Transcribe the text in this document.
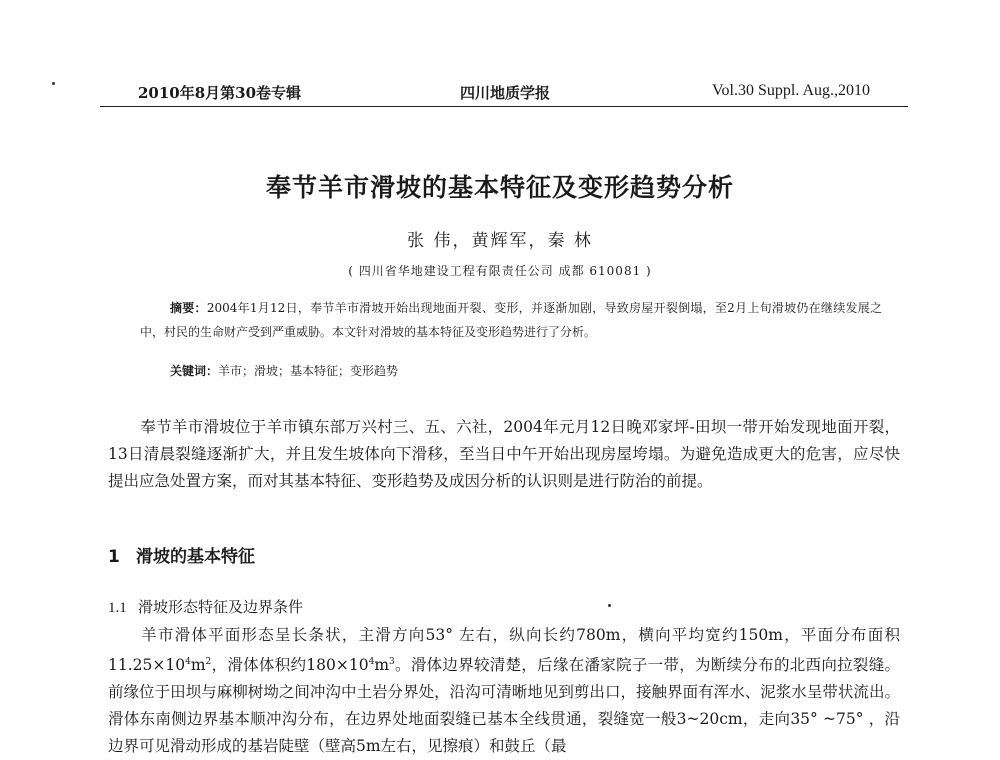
2010年8月第30卷专辑	四川地质学报	Vol.30 Suppl. Aug.,2010
奉节羊市滑坡的基本特征及变形趋势分析
张 伟，黄辉军，秦 林
( 四川省华地建设工程有限责任公司 成都 610081 )
摘要：2004年1月12日，奉节羊市滑坡开始出现地面开裂、变形，并逐渐加剧，导致房屋开裂倒塌，至2月上旬滑坡仍在继续发展之中，村民的生命财产受到严重威胁。本文针对滑坡的基本特征及变形趋势进行了分析。
关键词：羊市；滑坡；基本特征；变形趋势
奉节羊市滑坡位于羊市镇东部万兴村三、五、六社，2004年元月12日晚邓家坪-田坝一带开始发现地面开裂，13日清晨裂缝逐渐扩大，并且发生坡体向下滑移，至当日中午开始出现房屋垮塌。为避免造成更大的危害，应尽快提出应急处置方案，而对其基本特征、变形趋势及成因分析的认识则是进行防治的前提。
1 滑坡的基本特征
1.1 滑坡形态特征及边界条件
羊市滑体平面形态呈长条状，主滑方向53° 左右，纵向长约780m，横向平均宽约150m，平面分布面积$11.25\times 10^4m^2$，滑体体积约$180\times 10^4m^3$。滑体边界较清楚，后缘在潘家院子一带，为断续分布的北西向拉裂缝。前缘位于田坝与麻柳树坳之间冲沟中土岩分界处，沿沟可清晰地见到剪出口，接触界面有浑水、泥浆水呈带状流出。滑体东南侧边界基本顺冲沟分布，在边界处地面裂缝已基本全线贯通，裂缝宽一般3~20cm，走向35° ~75° ，沿边界可见滑动形成的基岩陡壁（壁高5m左右，见擦痕）和鼓丘（最
